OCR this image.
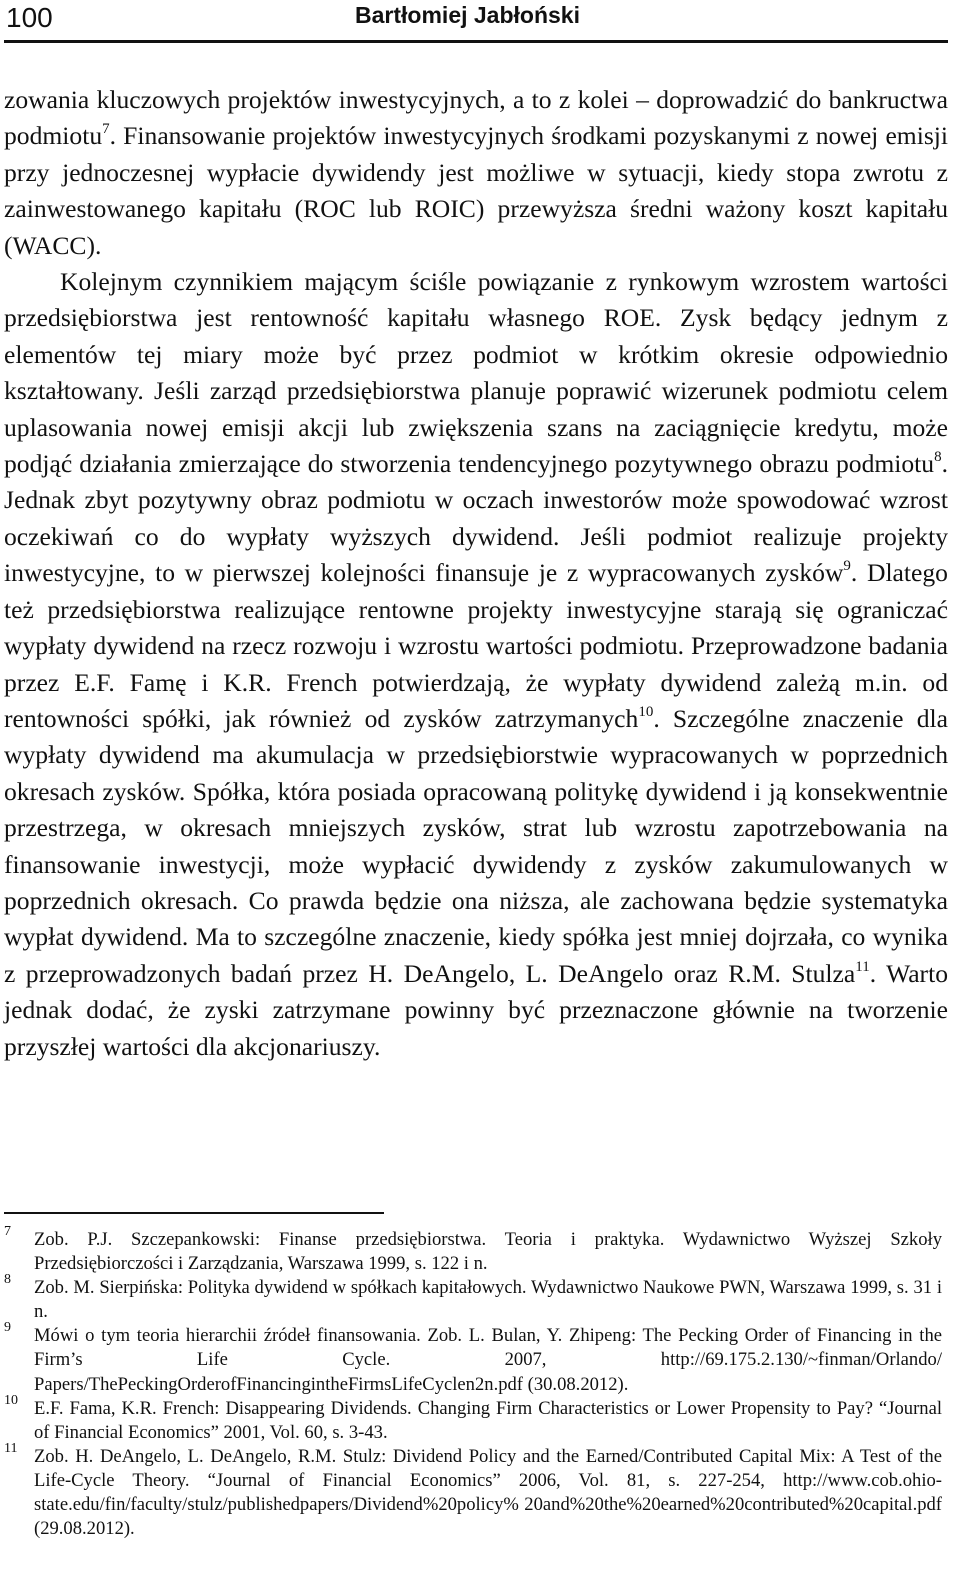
100	Bartłomiej Jabłoński

zowania kluczowych projektów inwestycyjnych, a to z kolei – doprowadzić do bankructwa podmiotu$^7$. Finansowanie projektów inwestycyjnych środkami pozyskanymi z nowej emisji przy jednoczesnej wypłacie dywidendy jest możliwe w sytuacji, kiedy stopa zwrotu z zainwestowanego kapitału (ROC lub ROIC) przewyższa średni ważony koszt kapitału (WACC).

Kolejnym czynnikiem mającym ściśle powiązanie z rynkowym wzrostem wartości przedsiębiorstwa jest rentowność kapitału własnego ROE. Zysk będący jednym z elementów tej miary może być przez podmiot w krótkim okresie odpowiednio kształtowany. Jeśli zarząd przedsiębiorstwa planuje poprawić wizerunek podmiotu celem uplasowania nowej emisji akcji lub zwiększenia szans na zaciągnięcie kredytu, może podjąć działania zmierzające do stworzenia tendencyjnego pozytywnego obrazu podmiotu$^8$. Jednak zbyt pozytywny obraz podmiotu w oczach inwestorów może spowodować wzrost oczekiwań co do wypłaty wyższych dywidend. Jeśli podmiot realizuje projekty inwestycyjne, to w pierwszej kolejności finansuje je z wypracowanych zysków$^9$. Dlatego też przedsiębiorstwa realizujące rentowne projekty inwestycyjne starają się ograniczać wypłaty dywidend na rzecz rozwoju i wzrostu wartości podmiotu. Przeprowadzone badania przez E.F. Famę i K.R. French potwierdzają, że wypłaty dywidend zależą m.in. od rentowności spółki, jak również od zysków zatrzymanych$^{10}$. Szczególne znaczenie dla wypłaty dywidend ma akumulacja w przedsiębiorstwie wypracowanych w poprzednich okresach zysków. Spółka, która posiada opracowaną politykę dywidend i ją konsekwentnie przestrzega, w okresach mniejszych zysków, strat lub wzrostu zapotrzebowania na finansowanie inwestycji, może wypłacić dywidendy z zysków zakumulowanych w poprzednich okresach. Co prawda będzie ona niższa, ale zachowana będzie systematyka wypłat dywidend. Ma to szczególne znaczenie, kiedy spółka jest mniej dojrzała, co wynika z przeprowadzonych badań przez H. DeAngelo, L. DeAngelo oraz R.M. Stulza$^{11}$. Warto jednak dodać, że zyski zatrzymane powinny być przeznaczone głównie na tworzenie przyszłej wartości dla akcjonariuszy.

7 Zob. P.J. Szczepankowski: Finanse przedsiębiorstwa. Teoria i praktyka. Wydawnictwo Wyższej Szkoły Przedsiębiorczości i Zarządzania, Warszawa 1999, s. 122 i n.
8 Zob. M. Sierpińska: Polityka dywidend w spółkach kapitałowych. Wydawnictwo Naukowe PWN, Warszawa 1999, s. 31 i n.
9 Mówi o tym teoria hierarchii źródeł finansowania. Zob. L. Bulan, Y. Zhipeng: The Pecking Order of Financing in the Firm’s Life Cycle. 2007, http://69.175.2.130/~finman/Orlando/ Papers/ThePeckingOrderofFinancingintheFirmsLifeCyclen2n.pdf (30.08.2012).
10 E.F. Fama, K.R. French: Disappearing Dividends. Changing Firm Characteristics or Lower Propensity to Pay? “Journal of Financial Economics” 2001, Vol. 60, s. 3-43.
11 Zob. H. DeAngelo, L. DeAngelo, R.M. Stulz: Dividend Policy and the Earned/Contributed Capital Mix: A Test of the Life-Cycle Theory. “Journal of Financial Economics” 2006, Vol. 81, s. 227-254, http://www.cob.ohio-state.edu/fin/faculty/stulz/publishedpapers/Dividend%20policy% 20and%20the%20earned%20contributed%20capital.pdf (29.08.2012).
